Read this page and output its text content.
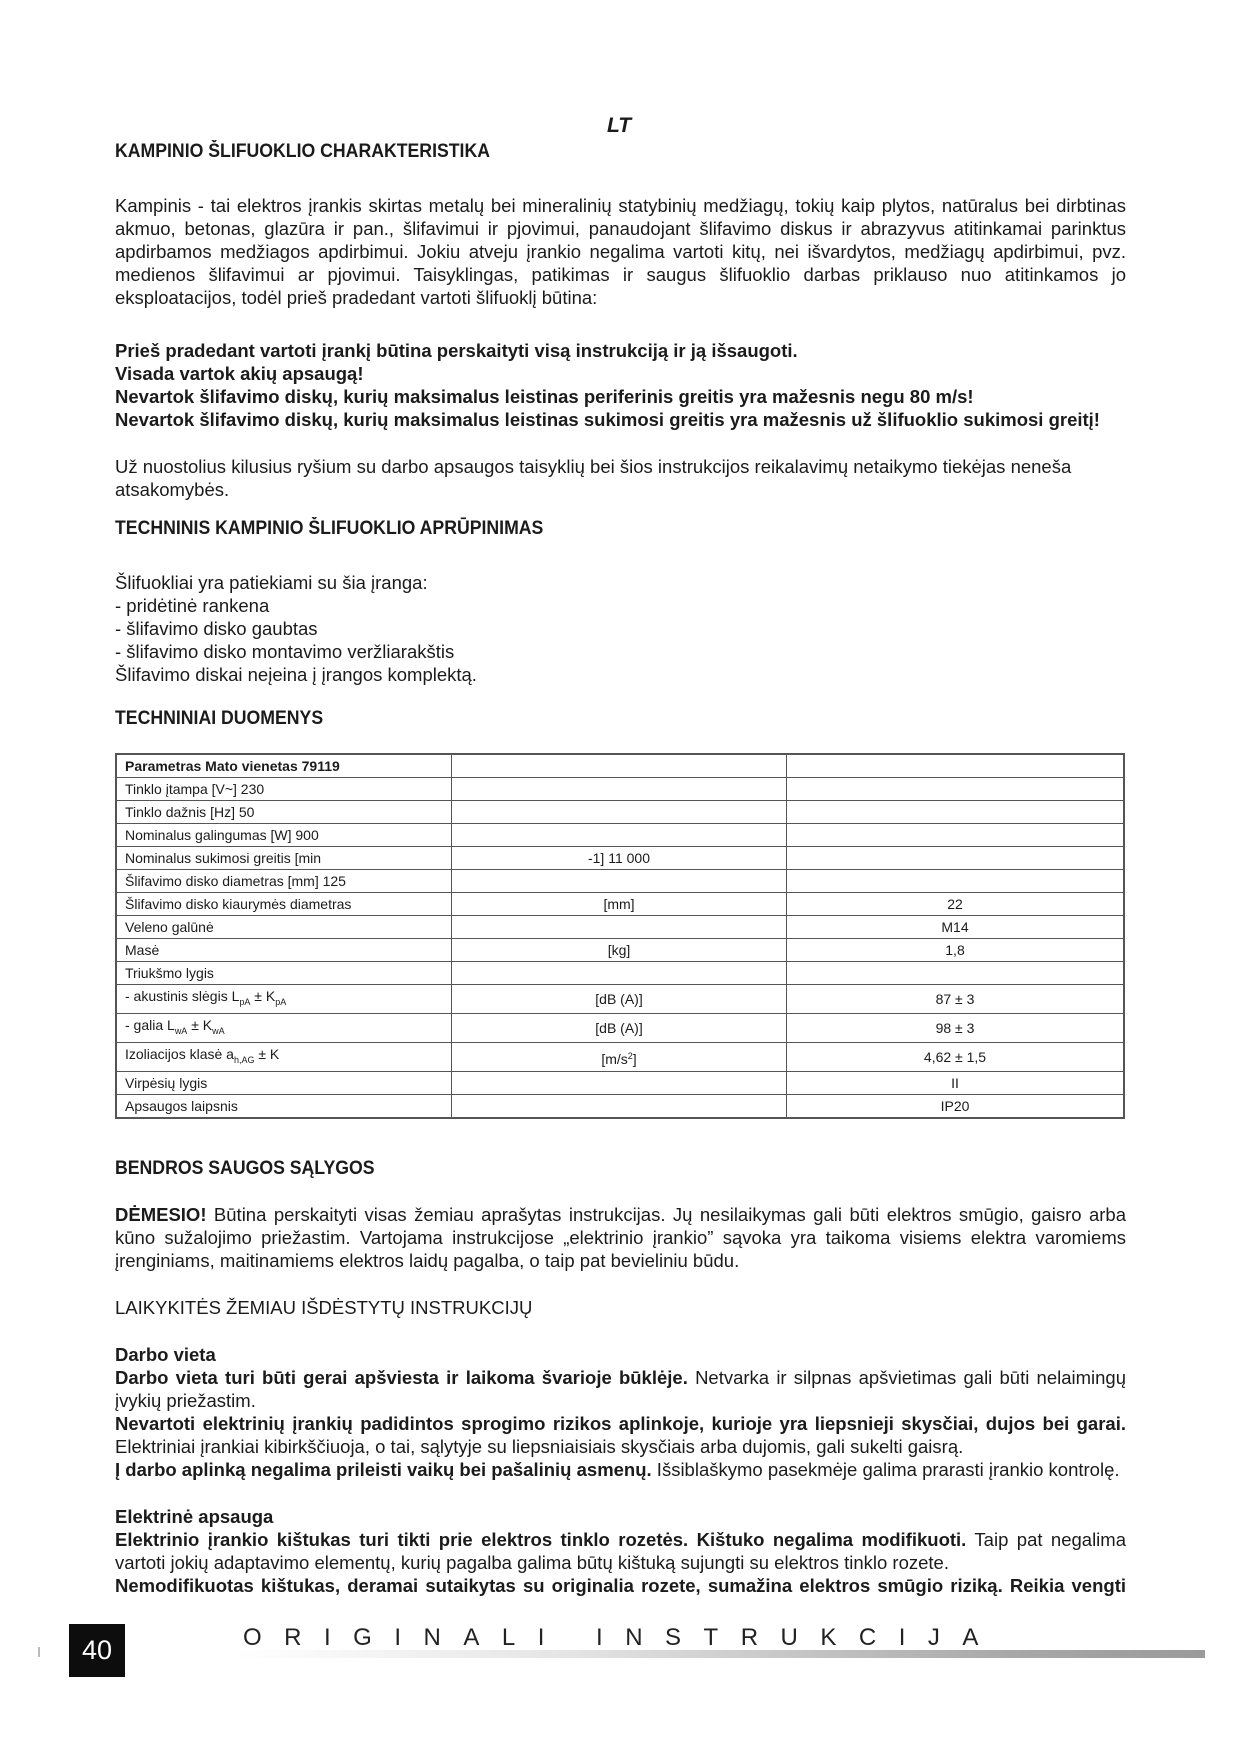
LT

KAMPINIO ŠLIFUOKLIO CHARAKTERISTIKA

Kampinis - tai elektros įrankis skirtas metalų bei mineralinių statybinių medžiagų, tokių kaip plytos, natūralus bei dirbtinas akmuo, betonas, glazūra ir pan., šlifavimui ir pjovimui, panaudojant šlifavimo diskus ir abrazyvus atitinkamai parinktus apdirbamos medžiagos apdirbimui. Jokiu atveju įrankio negalima vartoti kitų, nei išvardytos, medžiagų apdirbimui, pvz. medienos šlifavimui ar pjovimui. Taisyklingas, patikimas ir saugus šlifuoklio darbas priklauso nuo atitinkamos jo eksploatacijos, todėl prieš pradedant vartoti šlifuoklį būtina:

Prieš pradedant vartoti įrankį būtina perskaityti visą instrukciją ir ją išsaugoti.

Visada vartok akių apsaugą!

Nevartok šlifavimo diskų, kurių maksimalus leistinas periferinis greitis yra mažesnis negu 80 m/s!

Nevartok šlifavimo diskų, kurių maksimalus leistinas sukimosi greitis yra mažesnis už šlifuoklio sukimosi greitį!

Už nuostolius kilusius ryšium su darbo apsaugos taisyklių bei šios instrukcijos reikalavimų netaikymo tiekėjas neneša atsakomybės.

TECHNINIS KAMPINIO ŠLIFUOKLIO APRŪPINIMAS

Šlifuokliai yra patiekiami su šia įranga:
- pridėtinė rankena
- šlifavimo disko gaubtas
- šlifavimo disko montavimo veržliarakštis
Šlifavimo diskai neįeina į įrangos komplektą.

TECHNINIAI DUOMENYS

Parametras Mato vienetas 79119		
Tinklo įtampa [V~] 230		
Tinklo dažnis [Hz] 50		
Nominalus galingumas [W] 900		
Nominalus sukimosi greitis [min	-1] 11 000	
Šlifavimo disko diametras [mm] 125		
Šlifavimo disko kiaurymės diametras	[mm]	22
Veleno galūnė		M14
Masė	[kg]	1,8
Triukšmo lygis		
- akustinis slėgis $L_{pA} \pm K_{pA}$	[dB (A)]	87 ± 3
- galia $L_{wA} \pm K_{wA}$	[dB (A)]	98 ± 3
Izoliacijos klasė $a_{h,AG} \pm K$	$[m/s^2]$	4,62 ± 1,5
Virpėsių lygis		II
Apsaugos laipsnis		IP20

BENDROS SAUGOS SĄLYGOS

DĖMESIO! Būtina perskaityti visas žemiau aprašytas instrukcijas. Jų nesilaikymas gali būti elektros smūgio, gaisro arba kūno sužalojimo priežastim. Vartojama instrukcijose „elektrinio įrankio” sąvoka yra taikoma visiems elektra varomiems įrenginiams, maitinamiems elektros laidų pagalba, o taip pat bevieliniu būdu.

LAIKYKITĖS ŽEMIAU IŠDĖSTYTŲ INSTRUKCIJŲ

Darbo vieta

Darbo vieta turi būti gerai apšviesta ir laikoma švarioje būklėje. Netvarka ir silpnas apšvietimas gali būti nelaimingų įvykių priežastim.

Nevartoti elektrinių įrankių padidintos sprogimo rizikos aplinkoje, kurioje yra liepsnieji skysčiai, dujos bei garai. Elektriniai įrankiai kibirkščiuoja, o tai, sąlytyje su liepsniaisiais skysčiais arba dujomis, gali sukelti gaisrą.

Į darbo aplinką negalima prileisti vaikų bei pašalinių asmenų. Išsiblaškymo pasekmėje galima prarasti įrankio kontrolę.

Elektrinė apsauga

Elektrinio įrankio kištukas turi tikti prie elektros tinklo rozetės. Kištuko negalima modifikuoti. Taip pat negalima vartoti jokių adaptavimo elementų, kurių pagalba galima būtų kištuką sujungti su elektros tinklo rozete.

Nemodifikuotas kištukas, deramai sutaikytas su originalia rozete, sumažina elektros smūgio riziką. Reikia vengti

40	ORIGINALI INSTRUKCIJA
